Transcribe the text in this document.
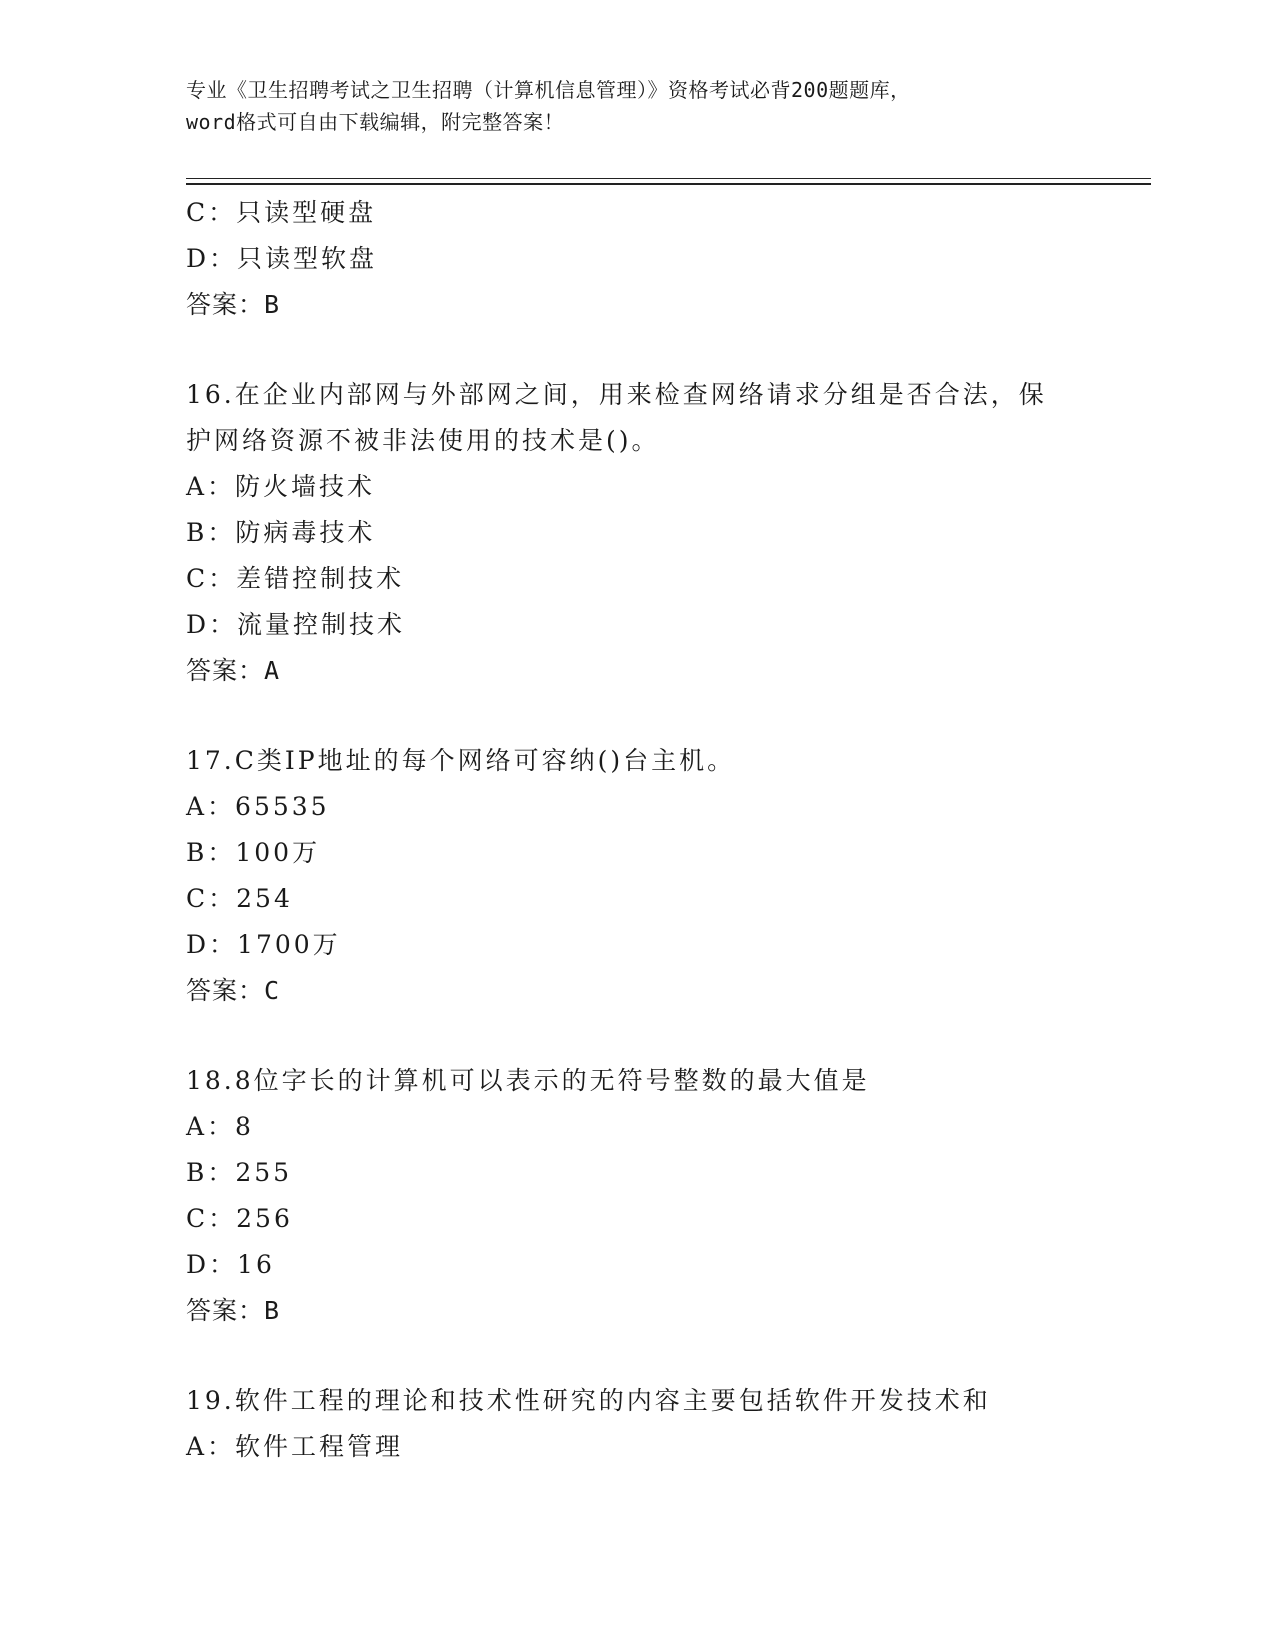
专业《卫生招聘考试之卫生招聘（计算机信息管理）》资格考试必背200题题库，
word格式可自由下载编辑，附完整答案！
C：只读型硬盘
D：只读型软盘
答案：B
16.在企业内部网与外部网之间，用来检查网络请求分组是否合法，保
护网络资源不被非法使用的技术是()。
A：防火墙技术
B：防病毒技术
C：差错控制技术
D：流量控制技术
答案：A
17.C类IP地址的每个网络可容纳()台主机。
A：65535
B：100万
C：254
D：1700万
答案：C
18.8位字长的计算机可以表示的无符号整数的最大值是
A：8
B：255
C：256
D：16
答案：B
19.软件工程的理论和技术性研究的内容主要包括软件开发技术和
A：软件工程管理
